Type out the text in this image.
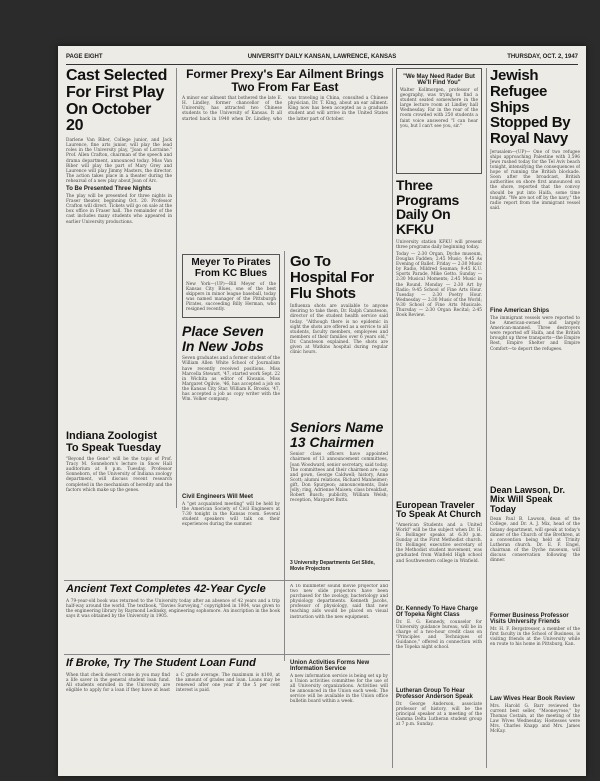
PAGE EIGHT	UNIVERSITY DAILY KANSAN, LAWRENCE, KANSAS	THURSDAY, OCT. 2, 1947
Cast Selected For First Play On October 20
Darlene Van Biber, College junior, and Jack Laurence, fine arts junior, will play the lead roles in the University play, "Joan of Lorraine." Prof. Allen Crafton, chairman of the speech and drama department, announced today. Miss Van Biber will play the part of Mary Grey and Laurence will play Jimmy Masters, the director. The action takes place in a theater during the rehearsal of a new play about Joan of Arc.
To Be Presented Three Nights
The play will be presented for three nights in Fraser theater, beginning Oct. 20. Professor Crafton will direct. Tickets will go on sale at the box office in Fraser hall. The remainder of the cast includes many students who appeared in earlier University productions.
Indiana Zoologist To Speak Tuesday
"Beyond the Gene" will be the topic of Prof. Tracy M. Sonneborn's lecture in Snow Hall auditorium at 8 p.m. Tuesday. Professor Sonneborn, of the University of Indiana zoology department, will discuss recent research completed in the mechanism of heredity and the factors which make up the genes.
Former Prexy's Ear Ailment Brings Two From Far East
A minor ear ailment that bothered the late E. H. Lindley, former chancellor of the University, has attracted two Chinese students to the University of Kansas. It all started back in 1940 when Dr. Lindley, who was traveling in China, consulted a Chinese physician, Dr. T. King, about an ear ailment. King now has been accepted as a graduate student and will arrive in the United States the latter part of October.
Meyer To Pirates From KC Blues
New York—(UP)—Bill Meyer of the Kansas City Blues, one of the best skippers in minor league baseball, today was named manager of the Pittsburgh Pirates, succeeding Billy Herman, who resigned recently.
Place Seven In New Jobs
Seven graduates and a former student of the William Allen White School of Journalism have recently received positions. Miss Marcella Stewart, '47, started work Sept. 22 in Wichita as editor of Kiwanis. Miss Margaret Ogilvie, '46, has accepted a job on the Kansas City Star. William K. Brooks, '47, has accepted a job as copy writer with the Wm. Volker company.
Civil Engineers Will Meet
A "get acquainted meeting" will be held by the American Society of Civil Engineers at 7:30 tonight in the Kansas room. Several student speakers will talk on their experiences during the summer.
Go To Hospital For Flu Shots
Influenza shots are available to anyone desiring to take them, Dr. Ralph Canuteson, director of the student health service said today. "Although there is no epidemic in sight the shots are offered as a service to all students, faculty members, employees and members of their families over 6 years old," Dr. Canuteson explained. The shots are given at Watkins hospital during regular clinic hours.
Seniors Name 13 Chairmen
Senior class officers have appointed chairmen of 13 announcement committees, Joan Woodward, senior secretary, said today. The committees and their chairmen are: cap and gown, George Caldwell; history, Anne Scott; alumni relations, Richard Manheimer; gift, Don Spurgeon; announcements, Dale Jolly; ring, Adrienne Maisen; class breakfast, Robert Busch; publicity, William Welsh; reception, Margaret Butts.
3 University Departments Get Slide, Movie Projectors
Ancient Text Completes 42-Year Cycle
A 79-year-old book was returned to the University today after an absence of 42 years and a trip half-way around the world. The textbook, "Davies Surveying," copyrighted in 1904, was given to the engineering library by Raymond Ledinsky, engineering sophomore. An inscription in the book says it was obtained by the University in 1905.
A 16 millimeter sound movie projector and two new slide projectors have been purchased for the zoology, bacteriology and physiology departments. Kenneth Jacobs, professor of physiology, said that new teaching aids would be placed on visual instruction with the new equipment.
If Broke, Try The Student Loan Fund
When that check doesn't come in you may find a life saver in the general student loan fund. All students enrolled in the University are eligible to apply for a loan if they have at least a C grade average. The maximum is $100, at the amount of grades and loan. Loans may be renewed after one year if the 5 per cent interest is paid.
Union Activities Forms New Information Service
A new information service is being set up by a Union activities committee for the use of all University organizations. Activities will be announced in the Union each week. The service will be available in the Union office bulletin board within a week.
"We May Need Rader But We'll Find You"
Walter Kollmorgen, professor of geography, was trying to find a student seated somewhere in the large lecture room at Lindley hall Wednesday. Far in the rear of the room crowded with 250 students a faint voice answered "I can hear you, but I can't see you, sir."
Three Programs Daily On KFKU
University station KFKU will present three programs daily beginning today.
Today — 2:30 Organ, Dyche museum, Douglas Fadden; 2:45 Music; 9:45 As Evening of Ballet. Friday — 2:30 Music by Radio, Mildred Seaman; 9:45 K.U. Sports Parade, Mike Getto. Sunday — 2:30 Musical Moments; 2:45 Music in the Round. Monday — 2:30 Art by Radio; 9:45 School of Fine Arts Hour. Tuesday — 2:30 Poetry Hour. Wednesday — 2:30 Music of the World; 9:30 School of Fine Arts Musicale. Thursday — 2:30 Organ Recital; 2:45 Book Review.
European Traveler To Speak At Church
"American Students and a United World" will be the subject when Dr. H. H. Bollinger speaks at 6:30 p.m. Sunday at the First Methodist church. Dr. Bollinger, executive secretary of the Methodist student movement, was graduated from Winfield High school and Southwestern college in Winfield.
Dr. Kennedy To Have Charge Of Topeka Night Class
Dr. E. G. Kennedy, counselor for University guidance bureau, will be in charge of a two-hour credit class on "Principles and Techniques of Guidance," offered in connection with the Topeka night school.
Lutheran Group To Hear Professor Anderson Speak
Dr. George Anderson, associate professor of history, will be the principal speaker at a meeting of the Gamma Delta Lutheran student group at 7 p.m. Sunday.
Jewish Refugee Ships Stopped By Royal Navy
Jerusalem—(UP)— One of two refugee ships approaching Palestine with 3,596 Jews rushed today for the Tel Aviv beach tonight, intensifying the consequences of hope of running the British blockade. Soon after the broadcast, British authorities on shore first announced on the shore, reported that the convoy should be put into Haifa, some time tonight. "We are not off by the navy," the radio report from the immigrant vessel said.
Fine American Ships
The immigrant vessels were reported to be American-owned and largely American-manned. Three destroyers were reported off Haifa, and the British brought up three transports—the Empire Rest, Empire Shelter and Empire Comfort—to deport the refugees.
Dean Lawson, Dr. Mix Will Speak Today
Dean Paul B. Lawson, dean of the College, and Dr. A. J. Mix, head of the botany department, will speak at today's dinner of the Church of the Brethren, at a convention being held at Trinity Lutheran church. Dr. E. F. Engel, chairman of the Dyche museum, will discuss conservation following the dinner.
Former Business Professor Visits University Friends
Mr. H. F. Bergstresser, a member of the first faculty in the School of Business, is visiting friends at the University while en route to his home in Pittsburg, Kan.
Law Wives Hear Book Review
Mrs. Harold G. Barr reviewed the current best seller, "Mooneyrose," by Thomas Costain, at the meeting of the Law Wives Wednesday. Hostesses were Mrs. Charles Knapp and Mrs. James McKay.
